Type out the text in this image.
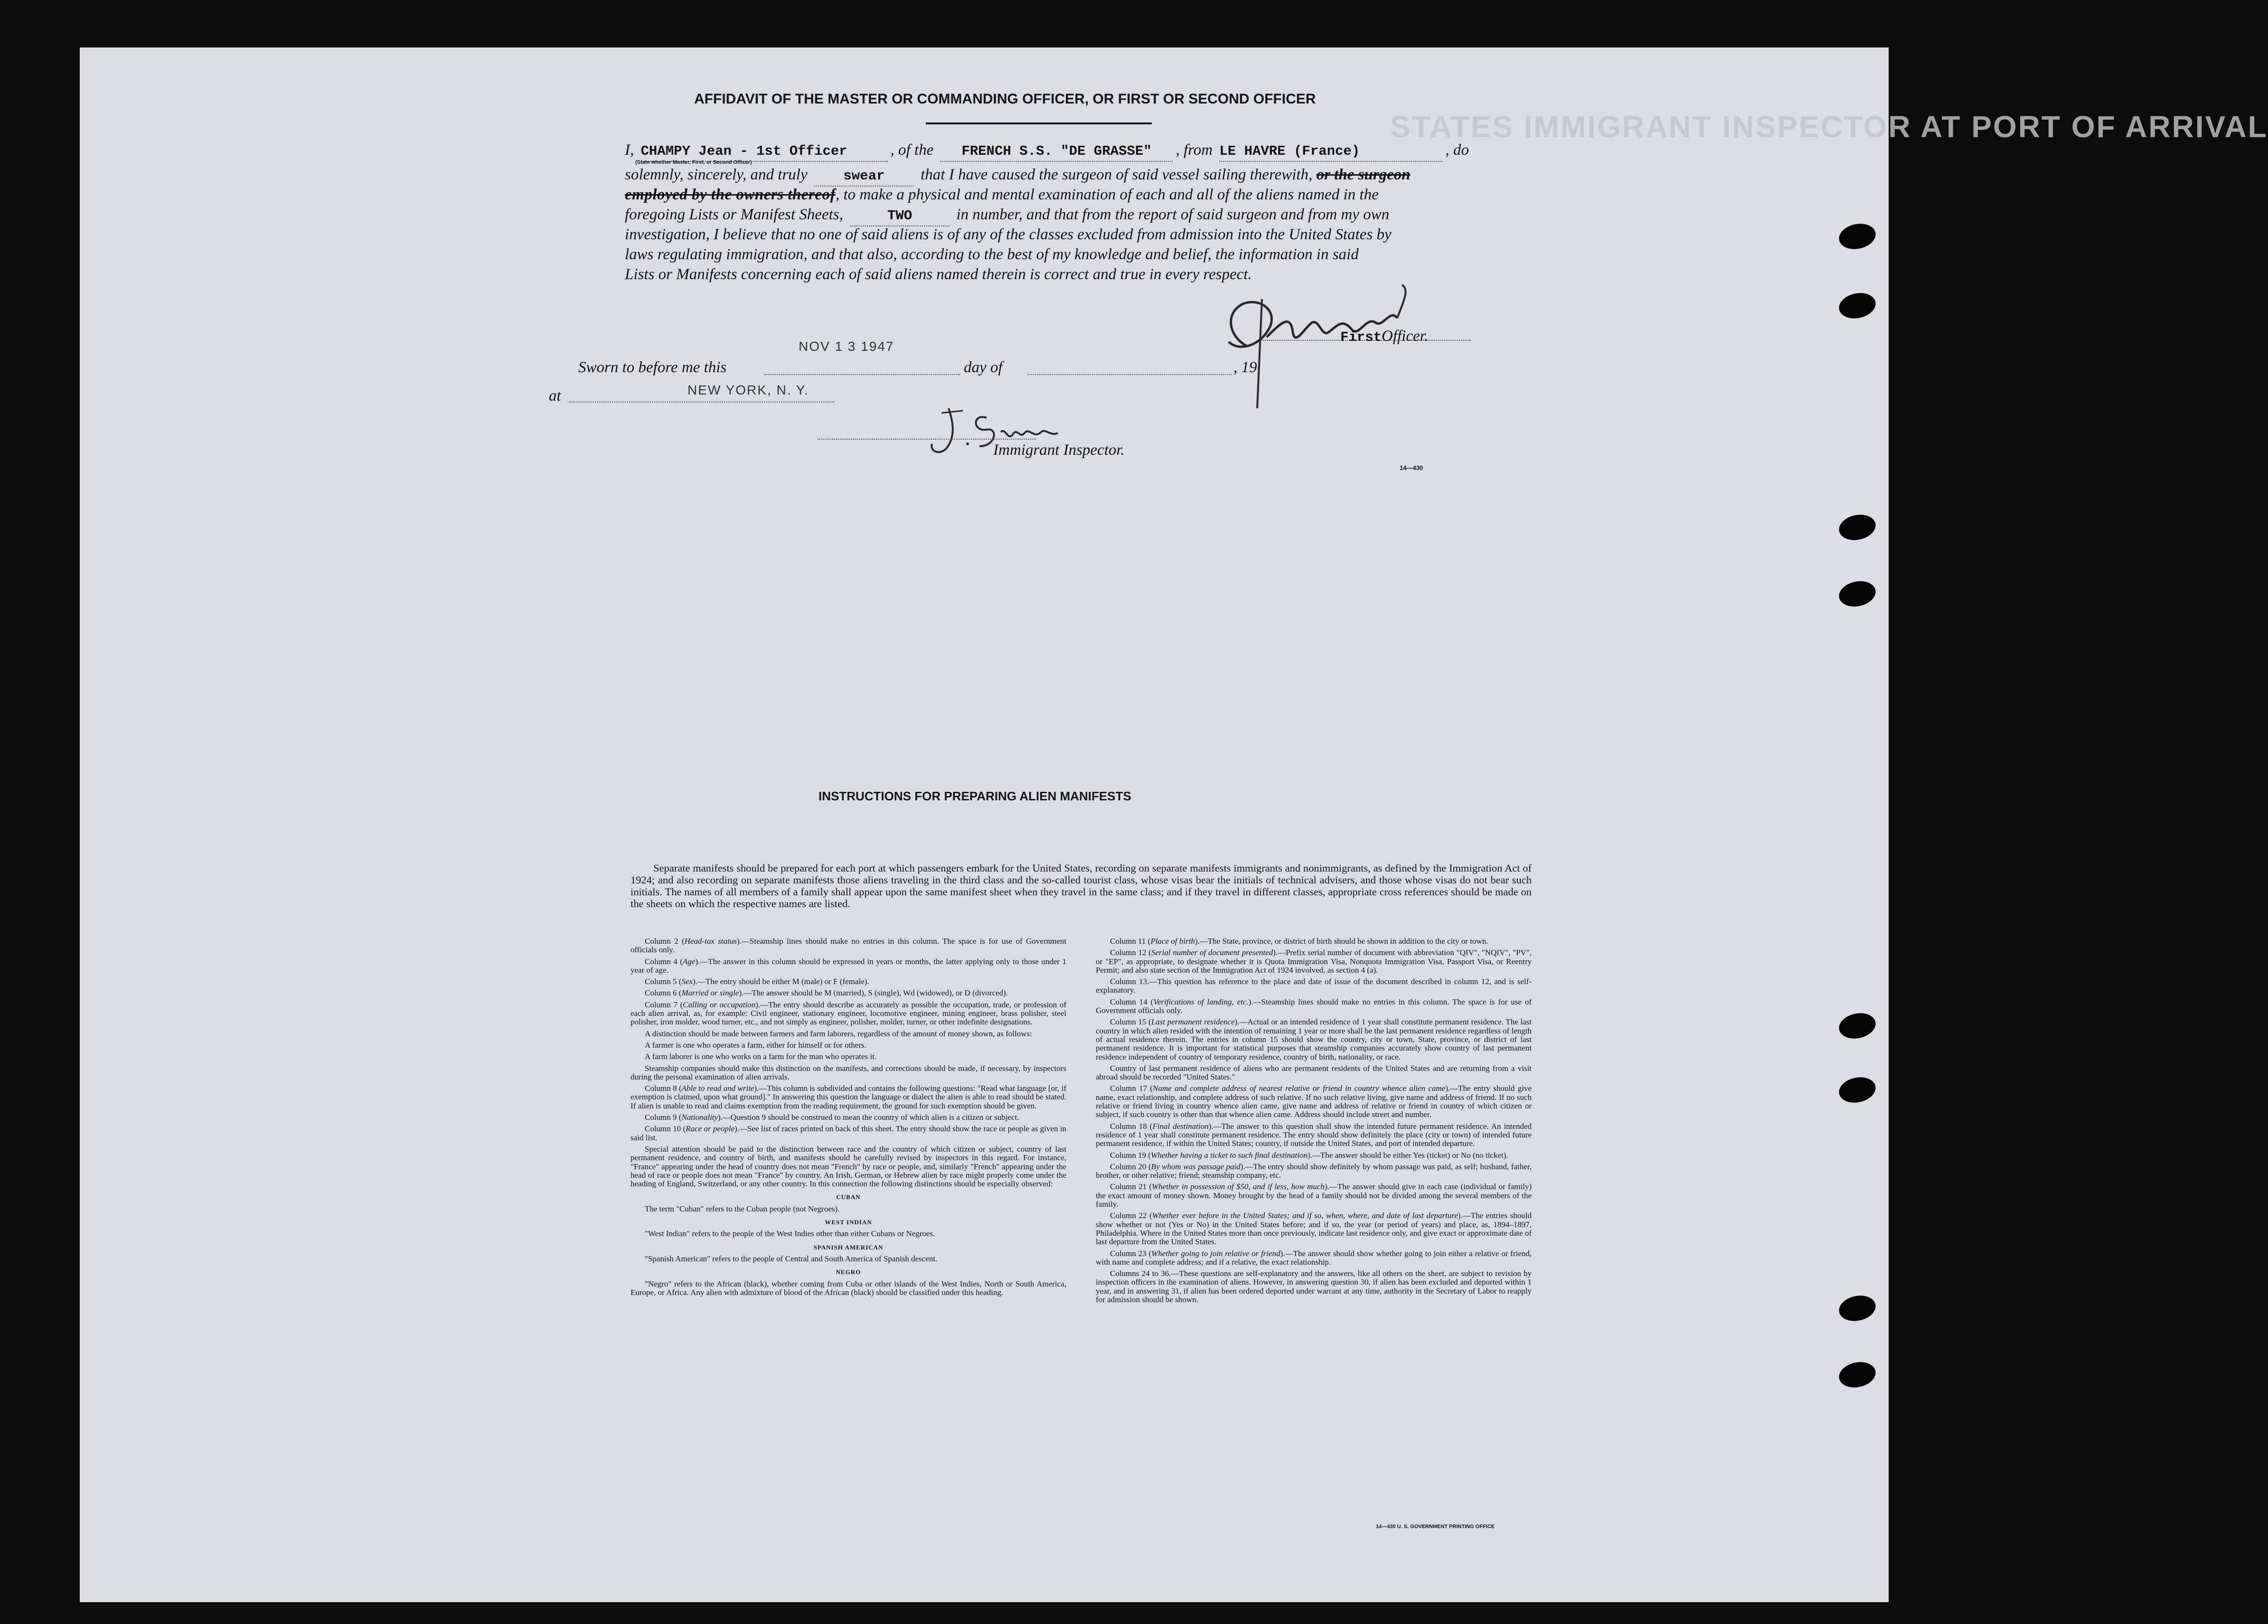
STATES IMMIGRANT INSPECTOR AT PORT OF ARRIVAL
AFFIDAVIT OF THE MASTER OR COMMANDING OFFICER, OR FIRST OR SECOND OFFICER
I, CHAMPY Jean - 1st Officer	, of the FRENCH S.S. "DE GRASSE" , from LE HAVRE (France)	, do
(State whether Master, First, or Second Officer)
solemnly, sincerely, and truly	swear that I have caused the surgeon of said vessel sailing therewith, or the surgeon
employed by the owners thereof, to make a physical and mental examination of each and all of the aliens named in the
foregoing Lists or Manifest Sheets,	TWO	in number, and that from the report of said surgeon and from my own
investigation, I believe that no one of said aliens is of any of the classes excluded from admission into the United States by
laws regulating immigration, and that also, according to the best of my knowledge and belief, the information in said
Lists or Manifests concerning each of said aliens named therein is correct and true in every respect.
FirstOfficer.
NOV 1 3 1947
Sworn to before me this	day of	, 19
at	NEW YORK, N. Y.
Immigrant Inspector.
14—430
INSTRUCTIONS FOR PREPARING ALIEN MANIFESTS
Separate manifests should be prepared for each port at which passengers embark for the United States, recording on separate manifests immigrants and nonimmigrants, as defined by the Immigration Act of 1924; and also recording on separate manifests those aliens traveling in the third class and the so-called tourist class, whose visas bear the initials of technical advisers, and those whose visas do not bear such initials. The names of all members of a family shall appear upon the same manifest sheet when they travel in the same class; and if they travel in different classes, appropriate cross references should be made on the sheets on which the respective names are listed.

Column 2 (Head-tax status).—Steamship lines should make no entries in this column. The space is for use of Government officials only.

Column 4 (Age).—The answer in this column should be expressed in years or months, the latter applying only to those under 1 year of age.

Column 5 (Sex).—The entry should be either M (male) or F (female).

Column 6 (Married or single).—The answer should be M (married), S (single), Wd (widowed), or D (divorced).

Column 7 (Calling or occupation).—The entry should describe as accurately as possible the occupation, trade, or profession of each alien arrival, as, for example: Civil engineer, stationary engineer, locomotive engineer, mining engineer, brass polisher, steel polisher, iron molder, wood turner, etc., and not simply as engineer, polisher, molder, turner, or other indefinite designations.

A distinction should be made between farmers and farm laborers, regardless of the amount of money shown, as follows:

A farmer is one who operates a farm, either for himself or for others.

A farm laborer is one who works on a farm for the man who operates it.

Steamship companies should make this distinction on the manifests, and corrections should be made, if necessary, by inspectors during the personal examination of alien arrivals.

Column 8 (Able to read and write).—This column is subdivided and contains the following questions: "Read what language [or, if exemption is claimed, upon what ground]." In answering this question the language or dialect the alien is able to read should be stated. If alien is unable to read and claims exemption from the reading requirement, the ground for such exemption should be given.

Column 9 (Nationality).—Question 9 should be construed to mean the country of which alien is a citizen or subject.

Column 10 (Race or people).—See list of races printed on back of this sheet. The entry should show the race or people as given in said list.

Special attention should be paid to the distinction between race and the country of which citizen or subject, country of last permanent residence, and country of birth, and manifests should be carefully revised by inspectors in this regard. For instance, "France" appearing under the head of country does not mean "French" by race or people, and, similarly "French" appearing under the head of race or people does not mean "France" by country. An Irish, German, or Hebrew alien by race might properly come under the heading of England, Switzerland, or any other country. In this connection the following distinctions should be especially observed:

CUBAN

The term "Cuban" refers to the Cuban people (not Negroes).

WEST INDIAN

"West Indian" refers to the people of the West Indies other than either Cubans or Negroes.

SPANISH AMERICAN

"Spanish American" refers to the people of Central and South America of Spanish descent.

NEGRO

"Negro" refers to the African (black), whether coming from Cuba or other islands of the West Indies, North or South America, Europe, or Africa. Any alien with admixture of blood of the African (black) should be classified under this heading.

Column 11 (Place of birth).—The State, province, or district of birth should be shown in addition to the city or town.

Column 12 (Serial number of document presented).—Prefix serial number of document with abbreviation "QIV", "NQIV", "PV", or "EP", as appropriate, to designate whether it is Quota Immigration Visa, Nonquota Immigration Visa, Passport Visa, or Reentry Permit; and also state section of the Immigration Act of 1924 involved, as section 4 (a).

Column 13.—This question has reference to the place and date of issue of the document described in column 12, and is self-explanatory.

Column 14 (Verifications of landing, etc.).—Steamship lines should make no entries in this column. The space is for use of Government officials only.

Column 15 (Last permanent residence).—Actual or an intended residence of 1 year shall constitute permanent residence. The last country in which alien resided with the intention of remaining 1 year or more shall be the last permanent residence regardless of length of actual residence therein. The entries in column 15 should show the country, city or town, State, province, or district of last permanent residence. It is important for statistical purposes that steamship companies accurately show country of last permanent residence independent of country of temporary residence, country of birth, nationality, or race.

Country of last permanent residence of aliens who are permanent residents of the United States and are returning from a visit abroad should be recorded "United States."

Column 17 (Name and complete address of nearest relative or friend in country whence alien came).—The entry should give name, exact relationship, and complete address of such relative. If no such relative living, give name and address of friend. If no such relative or friend living in country whence alien came, give name and address of relative or friend in country of which citizen or subject, if such country is other than that whence alien came. Address should include street and number.

Column 18 (Final destination).—The answer to this question shall show the intended future permanent residence. An intended residence of 1 year shall constitute permanent residence. The entry should show definitely the place (city or town) of intended future permanent residence, if within the United States; country, if outside the United States, and port of intended departure.

Column 19 (Whether having a ticket to such final destination).—The answer should be either Yes (ticket) or No (no ticket).

Column 20 (By whom was passage paid).—The entry should show definitely by whom passage was paid, as self; husband, father, brother, or other relative; friend; steamship company, etc.

Column 21 (Whether in possession of $50, and if less, how much).—The answer should give in each case (individual or family) the exact amount of money shown. Money brought by the head of a family should not be divided among the several members of the family.

Column 22 (Whether ever before in the United States; and if so, when, where, and date of last departure).—The entries should show whether or not (Yes or No) in the United States before; and if so, the year (or period of years) and place, as, 1894–1897, Philadelphia. Where in the United States more than once previously, indicate last residence only, and give exact or approximate date of last departure from the United States.

Column 23 (Whether going to join relative or friend).—The answer should show whether going to join either a relative or friend, with name and complete address; and if a relative, the exact relationship.

Columns 24 to 36.—These questions are self-explanatory and the answers, like all others on the sheet, are subject to revision by inspection officers in the examination of aliens. However, in answering question 30, if alien has been excluded and deported within 1 year, and in answering 31, if alien has been ordered deported under warrant at any time, authority in the Secretary of Labor to reapply for admission should be shown.

14—430 U. S. GOVERNMENT PRINTING OFFICE
